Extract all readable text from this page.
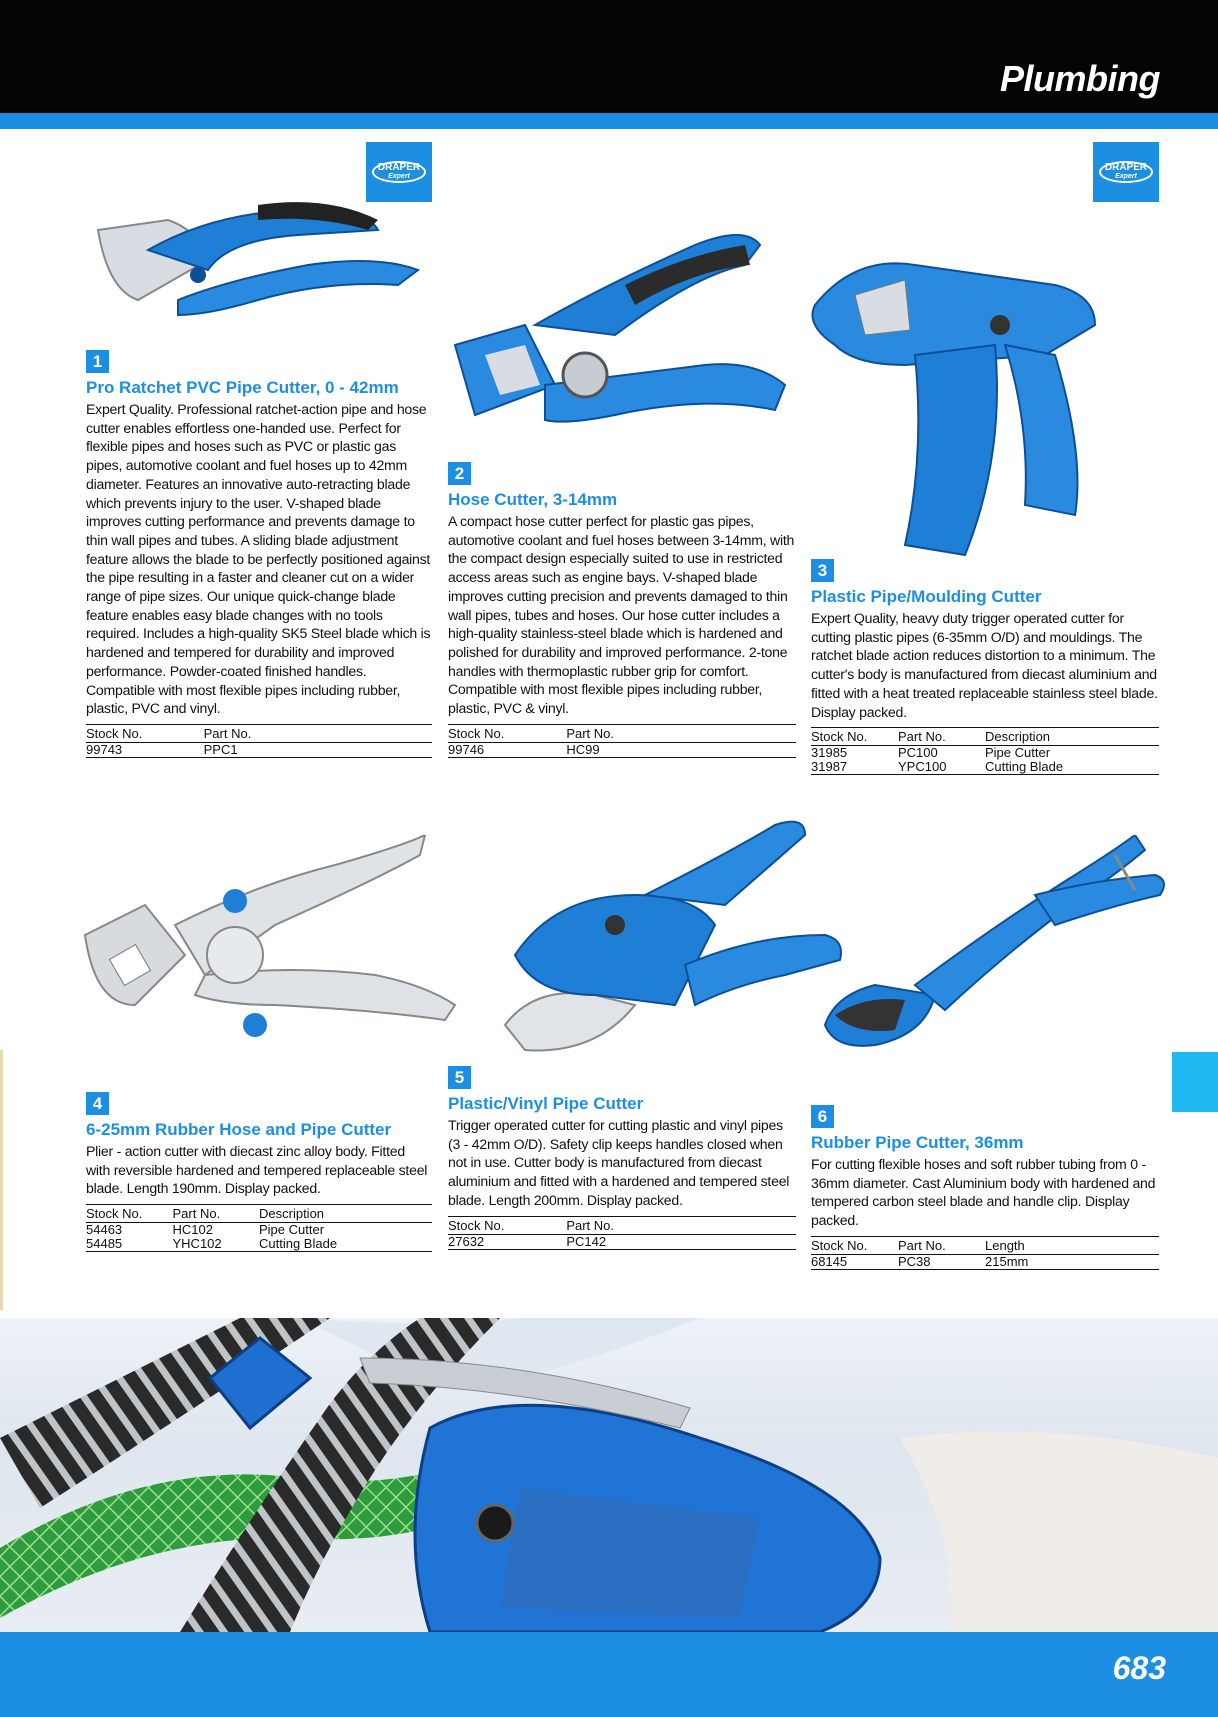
Plumbing
DRAPER
Expert
DRAPER
Expert
1
Pro Ratchet PVC Pipe Cutter, 0 - 42mm
Expert Quality. Professional ratchet-action pipe and hose cutter enables effortless one-handed use. Perfect for flexible pipes and hoses such as PVC or plastic gas pipes, automotive coolant and fuel hoses up to 42mm diameter. Features an innovative auto-retracting blade which prevents injury to the user. V-shaped blade improves cutting performance and prevents damage to thin wall pipes and tubes. A sliding blade adjustment feature allows the blade to be perfectly positioned against the pipe resulting in a faster and cleaner cut on a wider range of pipe sizes. Our unique quick-change blade feature enables easy blade changes with no tools required. Includes a high-quality SK5 Steel blade which is hardened and tempered for durability and improved performance. Powder-coated finished handles. Compatible with most flexible pipes including rubber, plastic, PVC and vinyl.
Stock No.	Part No.
99743	PPC1
2
Hose Cutter, 3-14mm
A compact hose cutter perfect for plastic gas pipes, automotive coolant and fuel hoses between 3-14mm, with the compact design especially suited to use in restricted access areas such as engine bays. V-shaped blade improves cutting precision and prevents damaged to thin wall pipes, tubes and hoses. Our hose cutter includes a high-quality stainless-steel blade which is hardened and polished for durability and improved performance. 2-tone handles with thermoplastic rubber grip for comfort. Compatible with most flexible pipes including rubber, plastic, PVC & vinyl.
Stock No.	Part No.
99746	HC99
3
Plastic Pipe/Moulding Cutter
Expert Quality, heavy duty trigger operated cutter for cutting plastic pipes (6-35mm O/D) and mouldings. The ratchet blade action reduces distortion to a minimum. The cutter's body is manufactured from diecast aluminium and fitted with a heat treated replaceable stainless steel blade. Display packed.
Stock No.	Part No.	Description
31985	PC100	Pipe Cutter
31987	YPC100	Cutting Blade
4
6-25mm Rubber Hose and Pipe Cutter
Plier - action cutter with diecast zinc alloy body. Fitted with reversible hardened and tempered replaceable steel blade. Length 190mm. Display packed.
Stock No.	Part No.	Description
54463	HC102	Pipe Cutter
54485	YHC102	Cutting Blade
5
Plastic/Vinyl Pipe Cutter
Trigger operated cutter for cutting plastic and vinyl pipes (3 - 42mm O/D). Safety clip keeps handles closed when not in use. Cutter body is manufactured from diecast aluminium and fitted with a hardened and tempered steel blade. Length 200mm. Display packed.
Stock No.	Part No.
27632	PC142
6
Rubber Pipe Cutter, 36mm
For cutting flexible hoses and soft rubber tubing from 0 - 36mm diameter. Cast Aluminium body with hardened and tempered carbon steel blade and handle clip. Display packed.
Stock No.	Part No.	Length
68145	PC38	215mm
683
